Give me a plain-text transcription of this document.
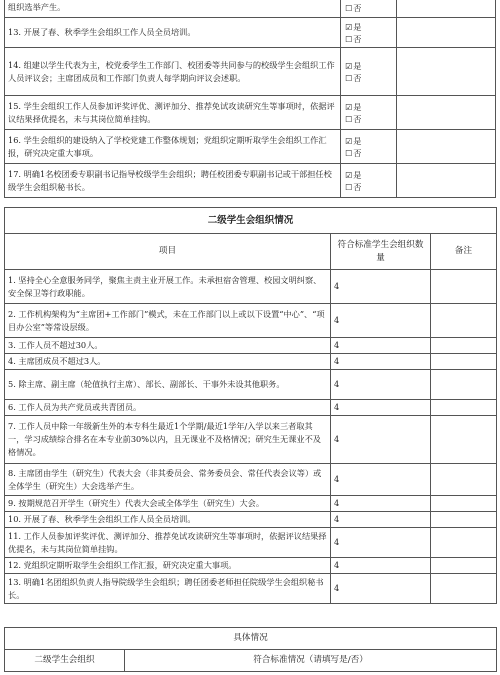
组织选举产生。	☐否	

13. 开展了春、秋季学生会组织工作人员全员培训。	☑是
☐否	

14. 组建以学生代表为主，校党委学生工作部门、校团委等共同参与的校级学生会组织工作人员评议会；主席团成员和工作部门负责人每学期向评议会述职。	☑是
☐否	

15. 学生会组织工作人员参加评奖评优、测评加分、推荐免试攻读研究生等事项时，依据评议结果择优提名，未与其岗位简单挂钩。	☑是
☐否	

16. 学生会组织的建设纳入了学校党建工作整体规划；党组织定期听取学生会组织工作汇报，研究决定重大事项。	☑是
☐否	

17. 明确1名校团委专职副书记指导校级学生会组织；聘任校团委专职副书记或干部担任校级学生会组织秘书长。	☑是
☐否	

二级学生会组织情况		
项目	符合标准学生会组织数量	备注
1. 坚持全心全意服务同学，聚焦主责主业开展工作。未承担宿舍管理、校园文明纠察、安全保卫等行政职能。	4	
2. 工作机构架构为“主席团+工作部门”模式，未在工作部门以上或以下设置“中心”、“项目办公室”等常设层级。	4	
3. 工作人员不超过30人。	4	
4. 主席团成员不超过3人。	4	
5. 除主席、副主席（轮值执行主席）、部长、副部长、干事外未设其他职务。	4	
6. 工作人员为共产党员或共青团员。	4	
7. 工作人员中除一年级新生外的本专科生最近1个学期/最近1学年/入学以来三者取其一，学习成绩综合排名在本专业前30%以内，且无课业不及格情况；研究生无课业不及格情况。	4	
8. 主席团由学生（研究生）代表大会（非其委员会、常务委员会、常任代表会议等）或全体学生（研究生）大会选举产生。	4	
9. 按期规范召开学生（研究生）代表大会或全体学生（研究生）大会。	4	
10. 开展了春、秋季学生会组织工作人员全员培训。	4	
11. 工作人员参加评奖评优、测评加分、推荐免试攻读研究生等事项时，依据评议结果择优提名，未与其岗位简单挂钩。	4	
12. 党组织定期听取学生会组织工作汇报，研究决定重大事项。	4	
13. 明确1名团组织负责人指导院级学生会组织；聘任团委老师担任院级学生会组织秘书长。	4	
具体情况
二级学生会组织	符合标准情况（请填写是/否）
